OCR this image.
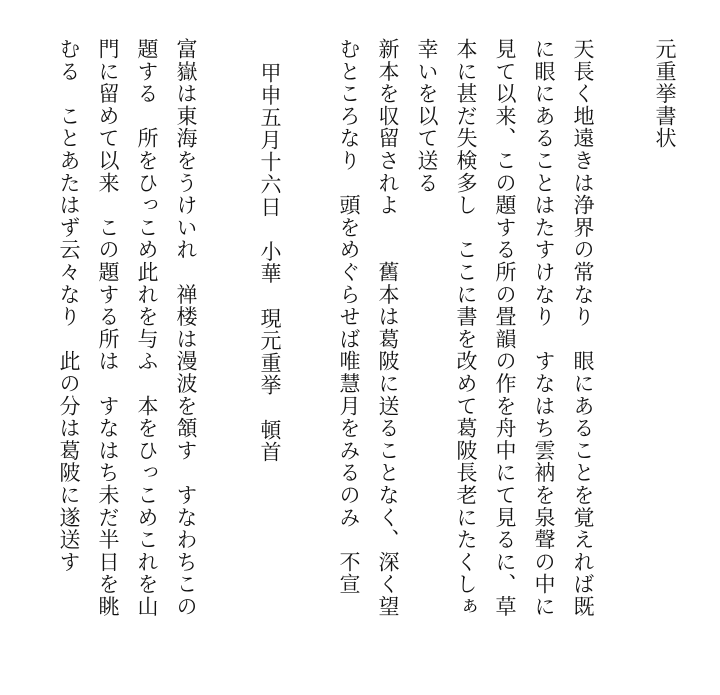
元重挙書状
天長く地遠きは浄界の常なり　眼にあることを覚えれば既
に眼にあることはたすけなり　すなはち雲衲を泉聲の中に
見て以来、この題する所の畳韻の作を舟中にて見るに、草
本に甚だ失検多し　ここに書を改めて葛陂長老にたくしぁ
幸いを以て送る
新本を収留されよ　　舊本は葛陂に送ることなく、深く望
むところなり　頭をめぐらせば唯慧月をみるのみ　不宣
甲申五月十六日　小華　現元重挙　頓首
富嶽は東海をうけいれ　禅楼は漫波を頷す　すなわちこの
題する　所をひっこめ此れを与ふ　本をひっこめこれを山
門に留めて以来　この題する所は　すなはち未だ半日を眺
むる　ことあたはず云々なり　此の分は葛陂に遂送す
